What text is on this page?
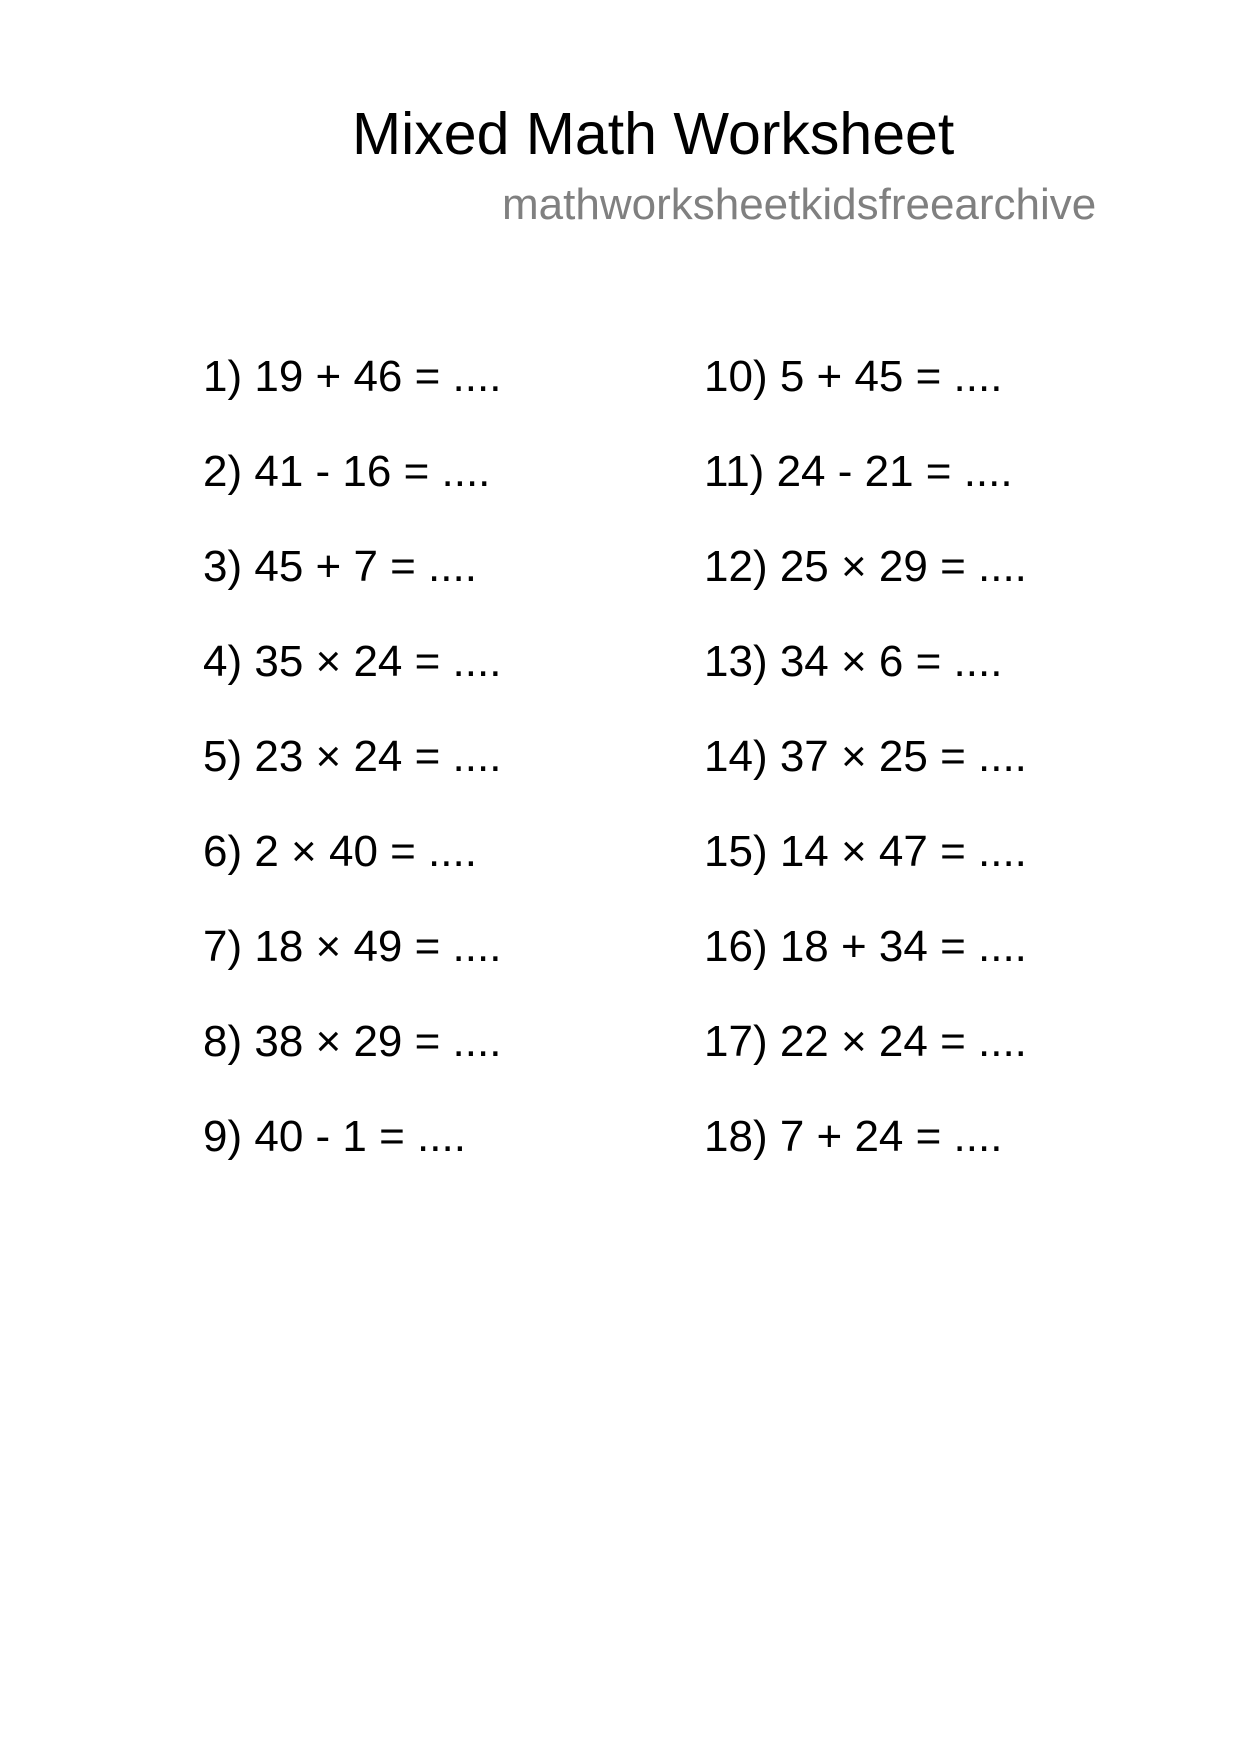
Mixed Math Worksheet
mathworksheetkidsfreearchive
1) 19 + 46 = ....
2) 41 - 16 = ....
3) 45 + 7 = ....
4) 35 × 24 = ....
5) 23 × 24 = ....
6) 2 × 40 = ....
7) 18 × 49 = ....
8) 38 × 29 = ....
9) 40 - 1 = ....
10) 5 + 45 = ....
11) 24 - 21 = ....
12) 25 × 29 = ....
13) 34 × 6 = ....
14) 37 × 25 = ....
15) 14 × 47 = ....
16) 18 + 34 = ....
17) 22 × 24 = ....
18) 7 + 24 = ....
